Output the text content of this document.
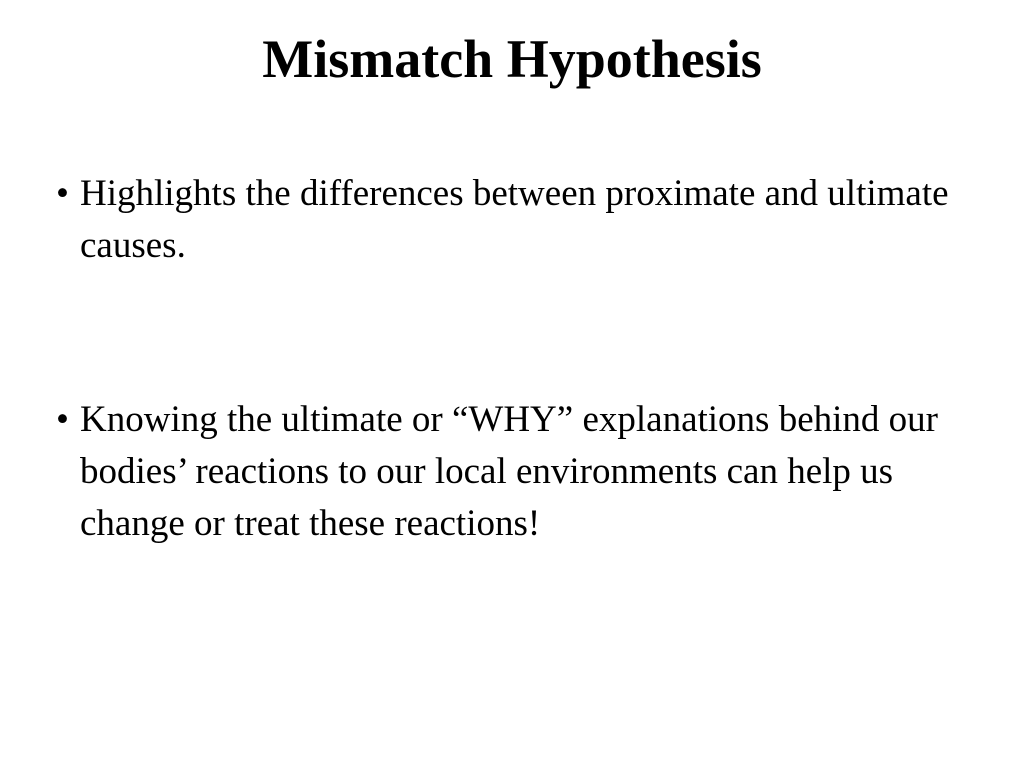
Mismatch Hypothesis
• Highlights the differences between proximate and ultimate causes.
• Knowing the ultimate or “WHY” explanations behind our bodies’ reactions to our local environments can help us change or treat these reactions!
